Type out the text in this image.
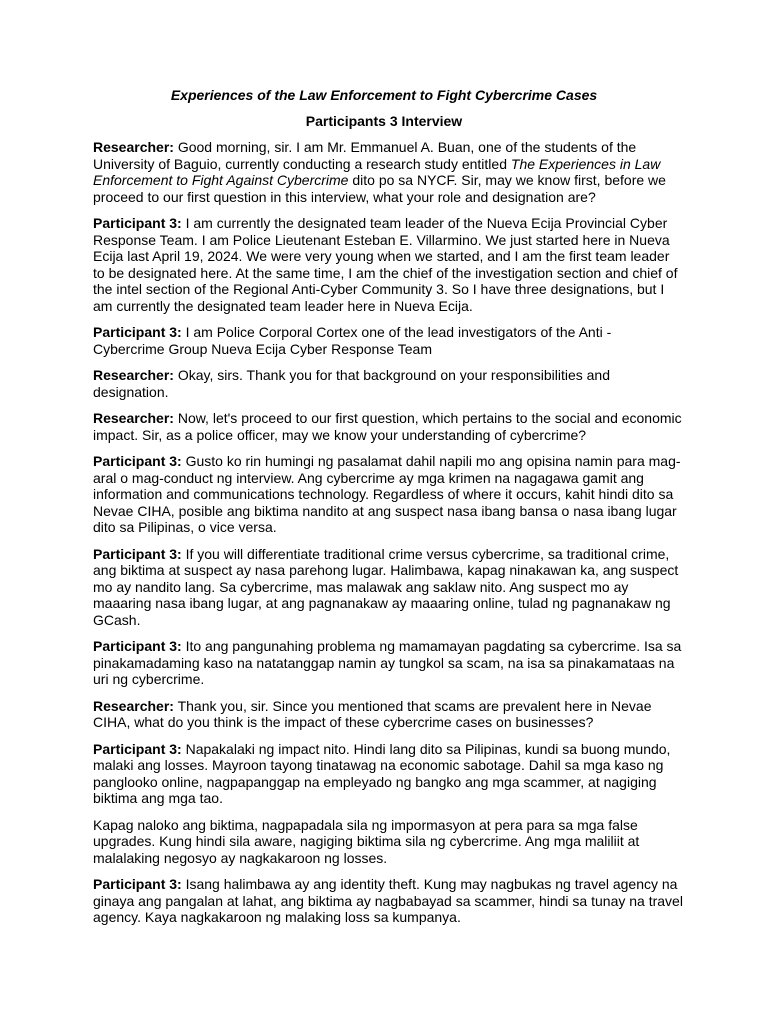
Experiences of the Law Enforcement to Fight Cybercrime Cases
Participants 3 Interview

Researcher: Good morning, sir. I am Mr. Emmanuel A. Buan, one of the students of the University of Baguio, currently conducting a research study entitled The Experiences in Law Enforcement to Fight Against Cybercrime dito po sa NYCF. Sir, may we know first, before we proceed to our first question in this interview, what your role and designation are?

Participant 3: I am currently the designated team leader of the Nueva Ecija Provincial Cyber Response Team. I am Police Lieutenant Esteban E. Villarmino. We just started here in Nueva Ecija last April 19, 2024. We were very young when we started, and I am the first team leader to be designated here. At the same time, I am the chief of the investigation section and chief of the intel section of the Regional Anti-Cyber Community 3. So I have three designations, but I am currently the designated team leader here in Nueva Ecija.

Participant 3: I am Police Corporal Cortex one of the lead investigators of the Anti - Cybercrime Group Nueva Ecija Cyber Response Team

Researcher: Okay, sirs. Thank you for that background on your responsibilities and designation.

Researcher: Now, let's proceed to our first question, which pertains to the social and economic impact. Sir, as a police officer, may we know your understanding of cybercrime?

Participant 3: Gusto ko rin humingi ng pasalamat dahil napili mo ang opisina namin para mag-aral o mag-conduct ng interview. Ang cybercrime ay mga krimen na nagagawa gamit ang information and communications technology. Regardless of where it occurs, kahit hindi dito sa Nevae CIHA, posible ang biktima nandito at ang suspect nasa ibang bansa o nasa ibang lugar dito sa Pilipinas, o vice versa.

Participant 3: If you will differentiate traditional crime versus cybercrime, sa traditional crime, ang biktima at suspect ay nasa parehong lugar. Halimbawa, kapag ninakawan ka, ang suspect mo ay nandito lang. Sa cybercrime, mas malawak ang saklaw nito. Ang suspect mo ay maaaring nasa ibang lugar, at ang pagnanakaw ay maaaring online, tulad ng pagnanakaw ng GCash.

Participant 3: Ito ang pangunahing problema ng mamamayan pagdating sa cybercrime. Isa sa pinakamadaming kaso na natatanggap namin ay tungkol sa scam, na isa sa pinakamataas na uri ng cybercrime.

Researcher: Thank you, sir. Since you mentioned that scams are prevalent here in Nevae CIHA, what do you think is the impact of these cybercrime cases on businesses?

Participant 3: Napakalaki ng impact nito. Hindi lang dito sa Pilipinas, kundi sa buong mundo, malaki ang losses. Mayroon tayong tinatawag na economic sabotage. Dahil sa mga kaso ng panglooko online, nagpapanggap na empleyado ng bangko ang mga scammer, at nagiging biktima ang mga tao.

Kapag naloko ang biktima, nagpapadala sila ng impormasyon at pera para sa mga false upgrades. Kung hindi sila aware, nagiging biktima sila ng cybercrime. Ang mga maliliit at malalaking negosyo ay nagkakaroon ng losses.

Participant 3: Isang halimbawa ay ang identity theft. Kung may nagbukas ng travel agency na ginaya ang pangalan at lahat, ang biktima ay nagbabayad sa scammer, hindi sa tunay na travel agency. Kaya nagkakaroon ng malaking loss sa kumpanya.
